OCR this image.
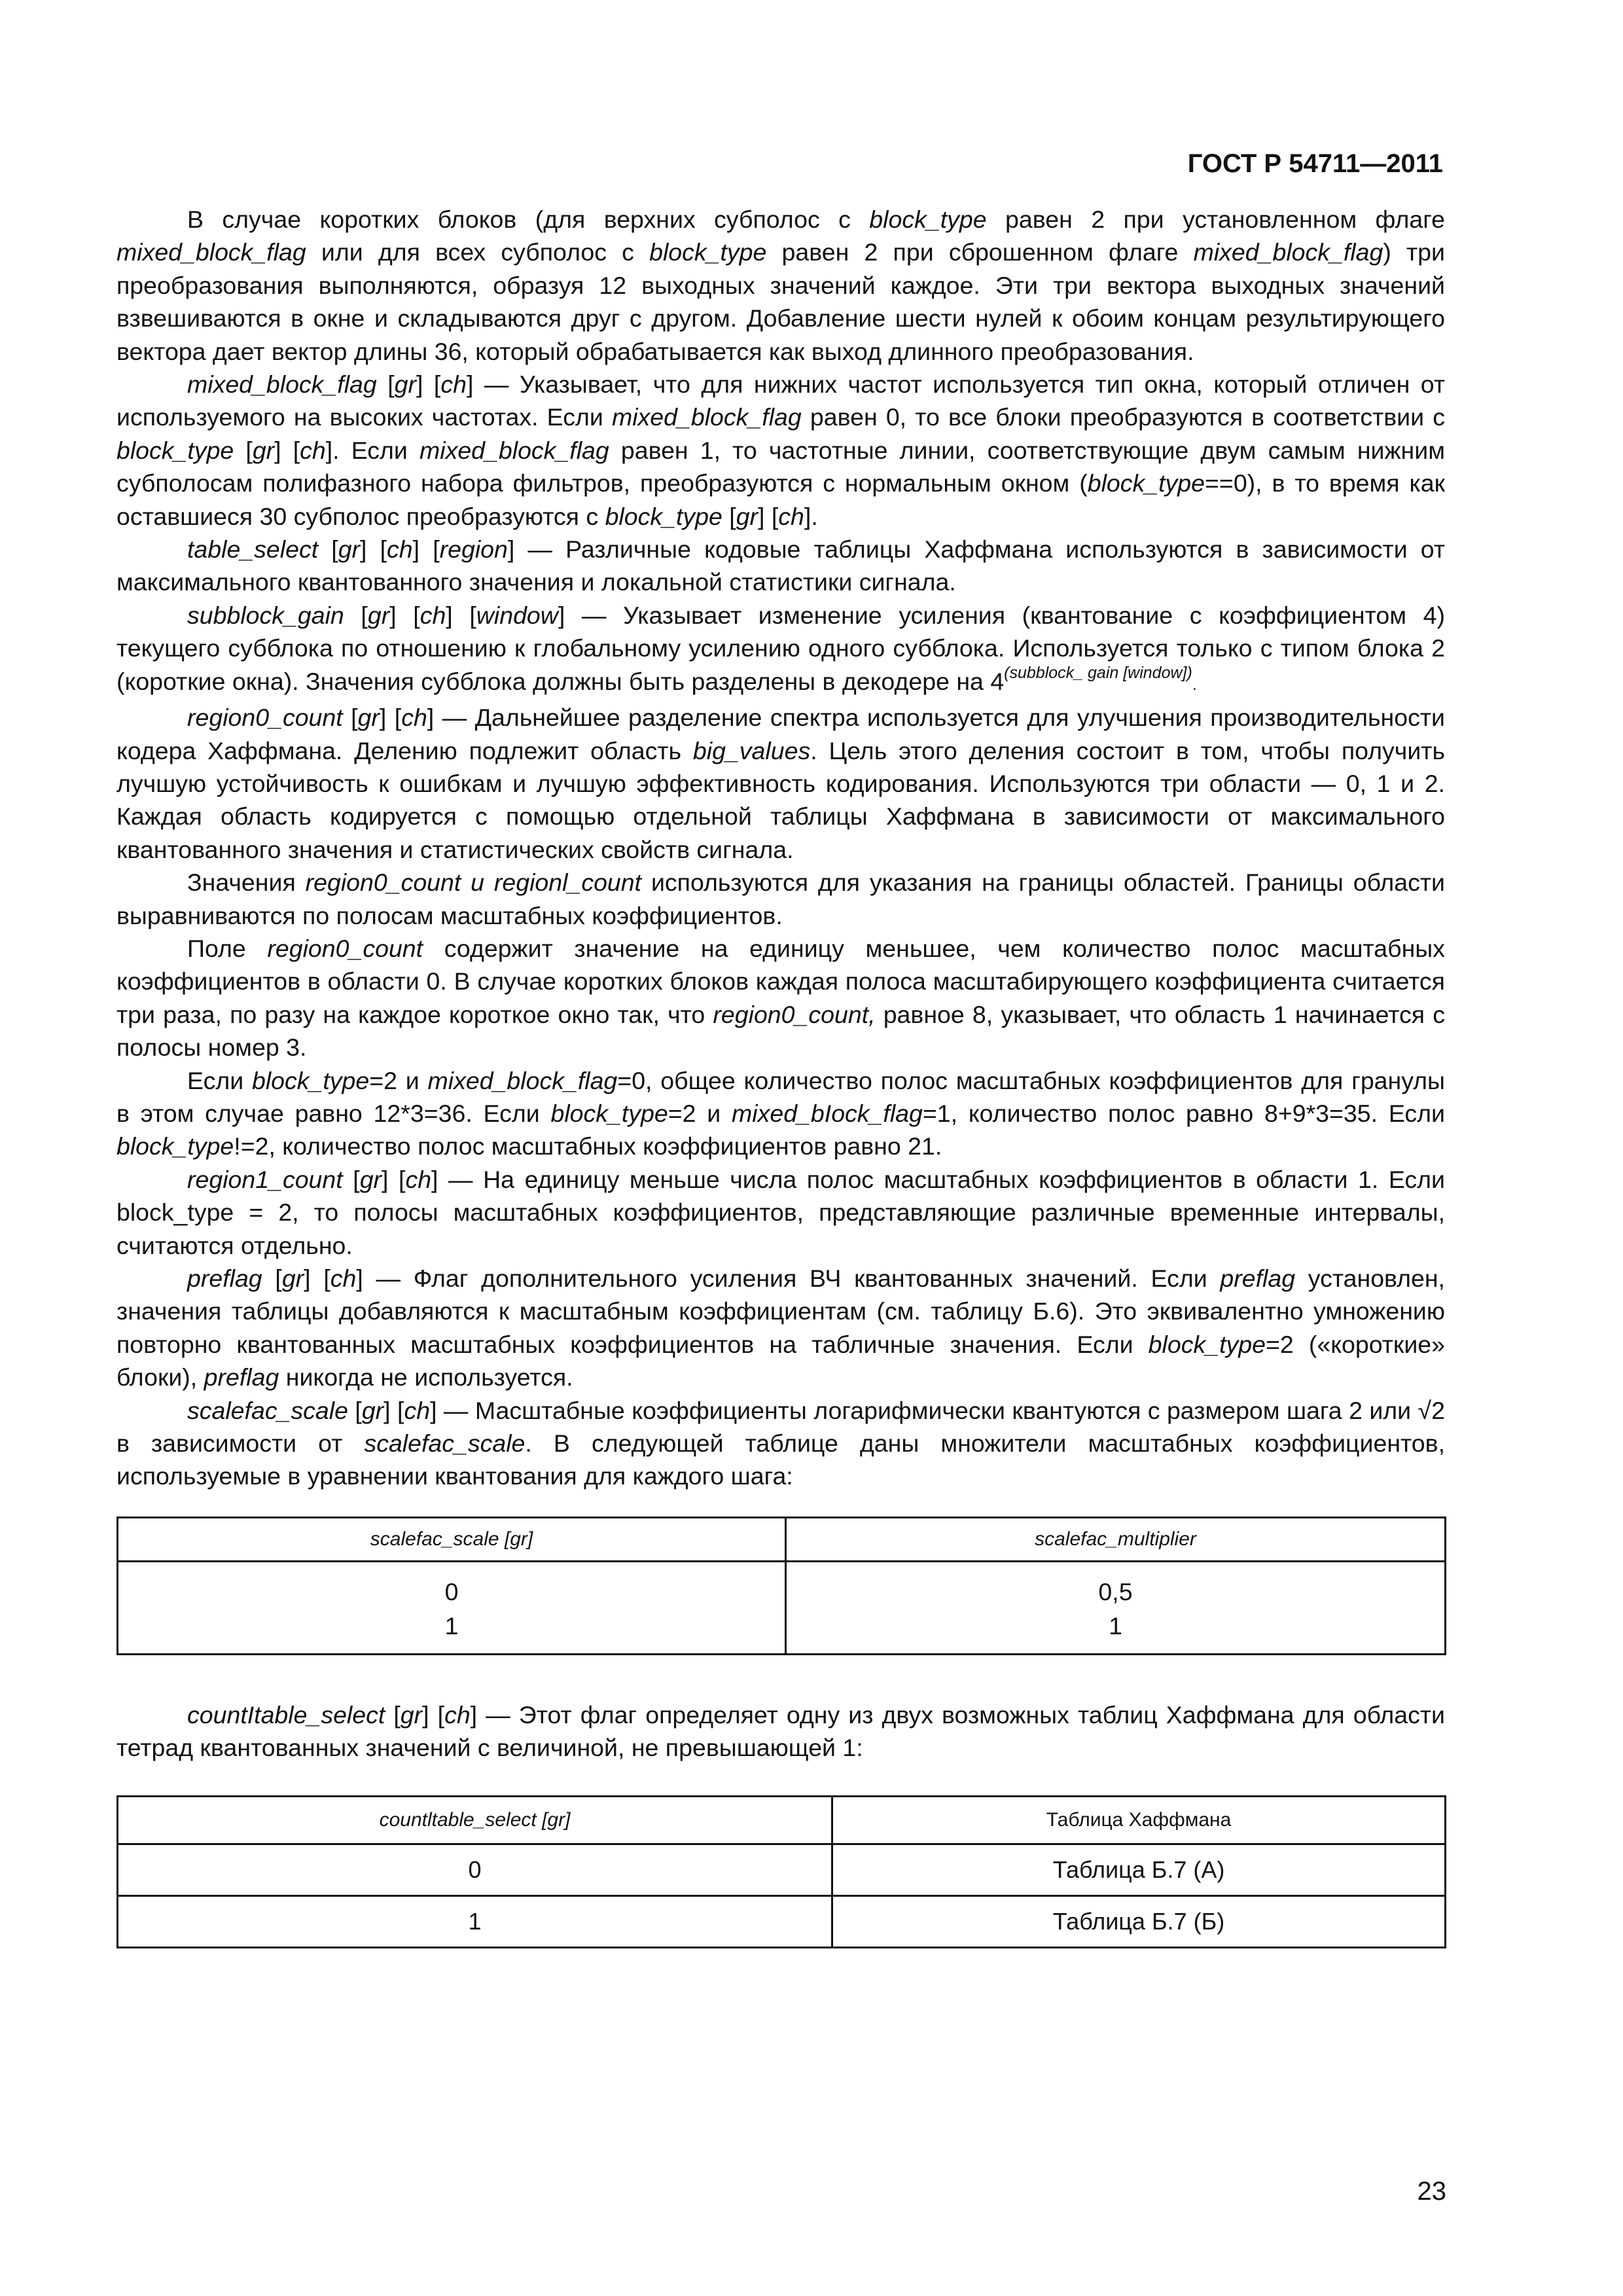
ГОСТ Р 54711—2011

В случае коротких блоков (для верхних субполос с block_type равен 2 при установленном флаге mixed_block_flag или для всех субполос с block_type равен 2 при сброшенном флаге mixed_block_flag) три преобразования выполняются, образуя 12 выходных значений каждое. Эти три вектора выходных значений взвешиваются в окне и складываются друг с другом. Добавление шести нулей к обоим концам результирующего вектора дает вектор длины 36, который обрабатывается как выход длинного преобразования.

mixed_block_flag [gr] [ch] — Указывает, что для нижних частот используется тип окна, который отличен от используемого на высоких частотах. Если mixed_block_flag равен 0, то все блоки преобразуются в соответствии с block_type [gr] [ch]. Если mixed_block_flag равен 1, то частотные линии, соответствующие двум самым нижним субполосам полифазного набора фильтров, преобразуются с нормальным окном (block_type==0), в то время как оставшиеся 30 субполос преобразуются с block_type [gr] [ch].

table_select [gr] [ch] [region] — Различные кодовые таблицы Хаффмана используются в зависимости от максимального квантованного значения и локальной статистики сигнала.

subblock_gain [gr] [ch] [window] — Указывает изменение усиления (квантование с коэффициентом 4) текущего субблока по отношению к глобальному усилению одного субблока. Используется только с типом блока 2 (короткие окна). Значения субблока должны быть разделены в декодере на $4^{(subblock\_ gain [window])}$.

region0_count [gr] [ch] — Дальнейшее разделение спектра используется для улучшения производительности кодера Хаффмана. Делению подлежит область big_values. Цель этого деления состоит в том, чтобы получить лучшую устойчивость к ошибкам и лучшую эффективность кодирования. Используются три области — 0, 1 и 2. Каждая область кодируется с помощью отдельной таблицы Хаффмана в зависимости от максимального квантованного значения и статистических свойств сигнала.

Значения region0_count u regionl_count используются для указания на границы областей. Границы области выравниваются по полосам масштабных коэффициентов.

Поле region0_count содержит значение на единицу меньшее, чем количество полос масштабных коэффициентов в области 0. В случае коротких блоков каждая полоса масштабирующего коэффициента считается три раза, по разу на каждое короткое окно так, что region0_count, равное 8, указывает, что область 1 начинается с полосы номер 3.

Если block_type=2 и mixed_block_flag=0, общее количество полос масштабных коэффициентов для гранулы в этом случае равно 12*3=36. Если block_type=2 и mixed_bIock_flag=1, количество полос равно 8+9*3=35. Если block_type!=2, количество полос масштабных коэффициентов равно 21.

region1_count [gr] [ch] — На единицу меньше числа полос масштабных коэффициентов в области 1. Если block_type = 2, то полосы масштабных коэффициентов, представляющие различные временные интервалы, считаются отдельно.

preflag [gr] [ch] — Флаг дополнительного усиления ВЧ квантованных значений. Если preflag установлен, значения таблицы добавляются к масштабным коэффициентам (см. таблицу Б.6). Это эквивалентно умножению повторно квантованных масштабных коэффициентов на табличные значения. Если block_type=2 («короткие» блоки), preflag никогда не используется.

scalefac_scale [gr] [ch] — Масштабные коэффициенты логарифмически квантуются с размером шага 2 или √2 в зависимости от scalefac_scale. В следующей таблице даны множители масштабных коэффициентов, используемые в уравнении квантования для каждого шага:

scalefac_scale [gr]	scalefac_multiplier
0	0,5
1	1

countItable_select [gr] [ch] — Этот флаг определяет одну из двух возможных таблиц Хаффмана для области тетрад квантованных значений с величиной, не превышающей 1:

countltable_select [gr]	Таблица Хаффмана
0	Таблица Б.7 (А)
1	Таблица Б.7 (Б)
23
